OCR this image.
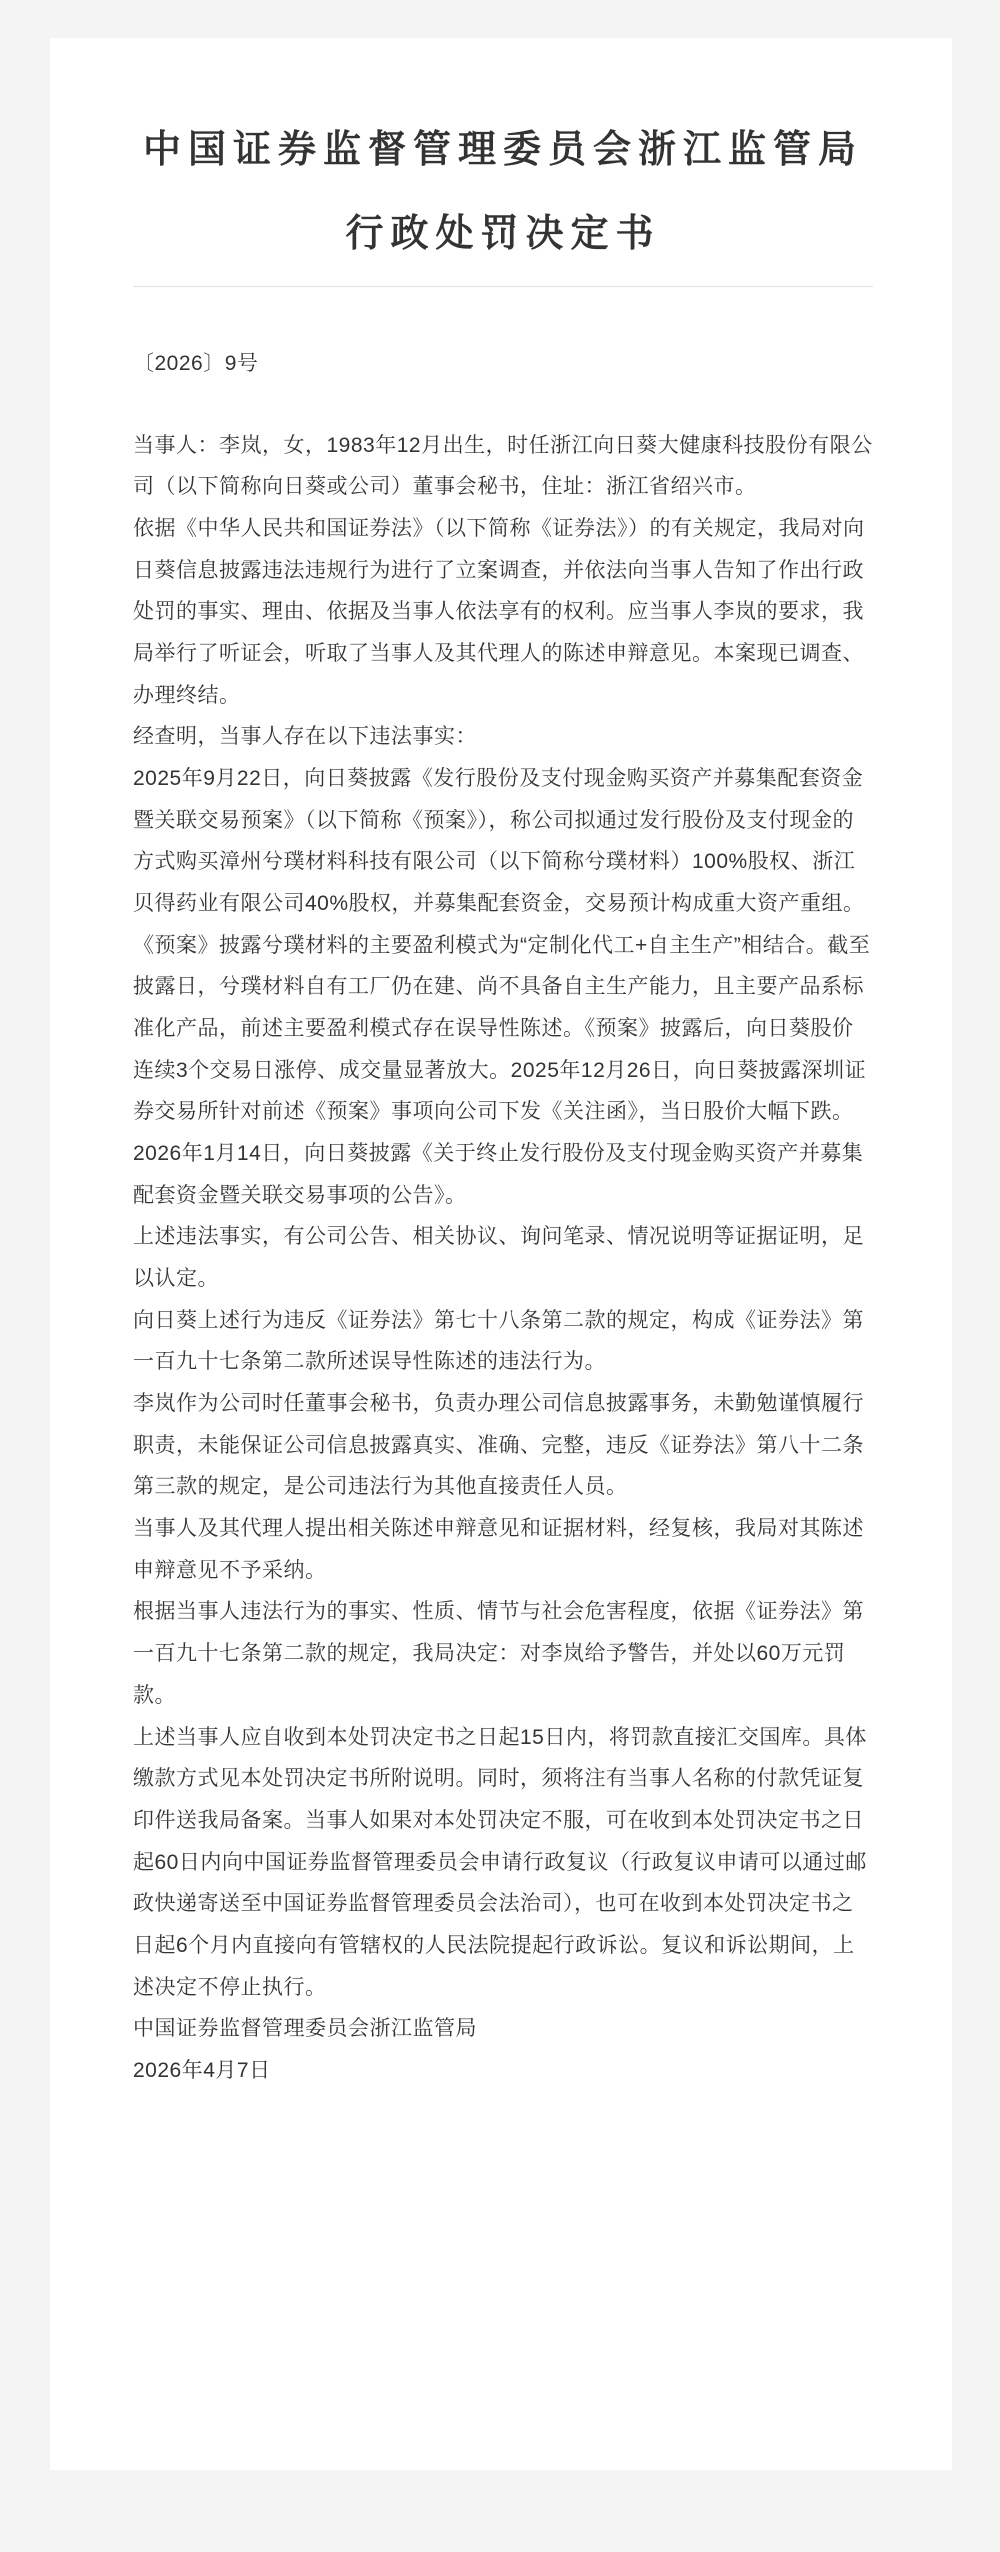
中国证券监督管理委员会浙江监管局
行政处罚决定书

〔2026〕9号

当事人：李岚，女，1983年12月出生，时任浙江向日葵大健康科技股份有限公司（以下简称向日葵或公司）董事会秘书，住址：浙江省绍兴市。

依据《中华人民共和国证券法》（以下简称《证券法》）的有关规定，我局对向日葵信息披露违法违规行为进行了立案调查，并依法向当事人告知了作出行政处罚的事实、理由、依据及当事人依法享有的权利。应当事人李岚的要求，我局举行了听证会，听取了当事人及其代理人的陈述申辩意见。本案现已调查、办理终结。

经查明，当事人存在以下违法事实：

2025年9月22日，向日葵披露《发行股份及支付现金购买资产并募集配套资金暨关联交易预案》（以下简称《预案》），称公司拟通过发行股份及支付现金的方式购买漳州兮璞材料科技有限公司（以下简称兮璞材料）100%股权、浙江贝得药业有限公司40%股权，并募集配套资金，交易预计构成重大资产重组。《预案》披露兮璞材料的主要盈利模式为“定制化代工+自主生产”相结合。截至披露日，兮璞材料自有工厂仍在建、尚不具备自主生产能力，且主要产品系标准化产品，前述主要盈利模式存在误导性陈述。《预案》披露后，向日葵股价连续3个交易日涨停、成交量显著放大。2025年12月26日，向日葵披露深圳证券交易所针对前述《预案》事项向公司下发《关注函》，当日股价大幅下跌。2026年1月14日，向日葵披露《关于终止发行股份及支付现金购买资产并募集配套资金暨关联交易事项的公告》。

上述违法事实，有公司公告、相关协议、询问笔录、情况说明等证据证明，足以认定。

向日葵上述行为违反《证券法》第七十八条第二款的规定，构成《证券法》第一百九十七条第二款所述误导性陈述的违法行为。

李岚作为公司时任董事会秘书，负责办理公司信息披露事务，未勤勉谨慎履行职责，未能保证公司信息披露真实、准确、完整，违反《证券法》第八十二条第三款的规定，是公司违法行为其他直接责任人员。

当事人及其代理人提出相关陈述申辩意见和证据材料，经复核，我局对其陈述申辩意见不予采纳。

根据当事人违法行为的事实、性质、情节与社会危害程度，依据《证券法》第一百九十七条第二款的规定，我局决定：对李岚给予警告，并处以60万元罚款。

上述当事人应自收到本处罚决定书之日起15日内，将罚款直接汇交国库。具体缴款方式见本处罚决定书所附说明。同时，须将注有当事人名称的付款凭证复印件送我局备案。当事人如果对本处罚决定不服，可在收到本处罚决定书之日起60日内向中国证券监督管理委员会申请行政复议（行政复议申请可以通过邮政快递寄送至中国证券监督管理委员会法治司），也可在收到本处罚决定书之日起6个月内直接向有管辖权的人民法院提起行政诉讼。复议和诉讼期间，上述决定不停止执行。

中国证券监督管理委员会浙江监管局

2026年4月7日
